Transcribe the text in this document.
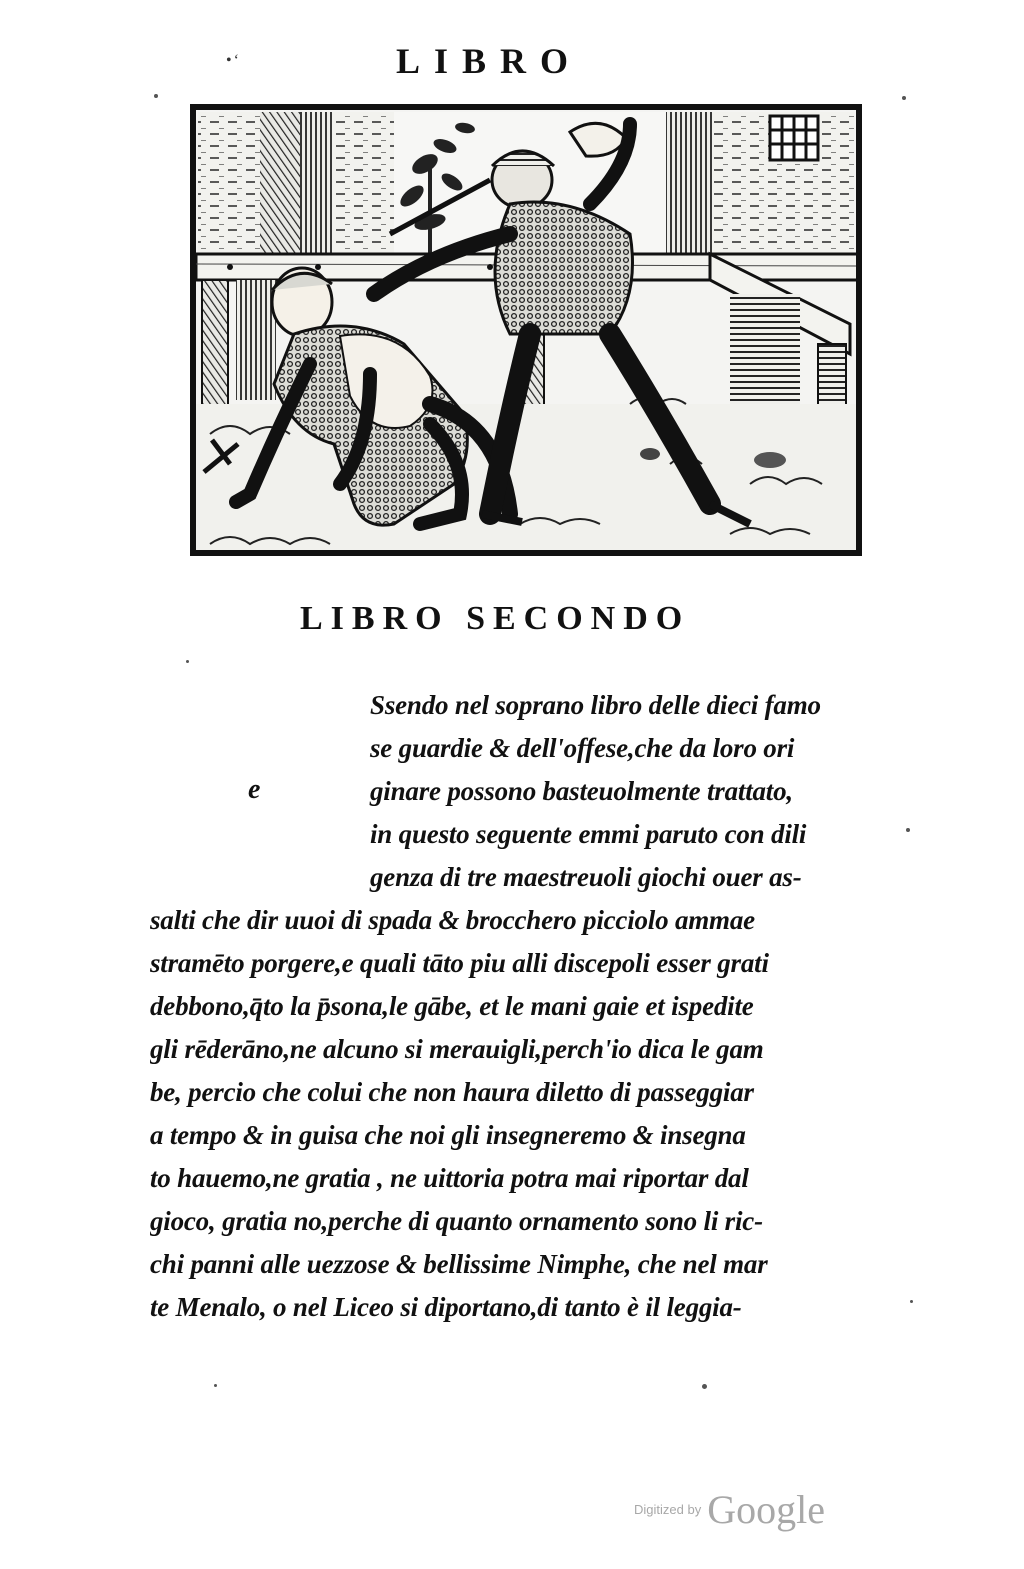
•‘	LIBRO
LIBRO SECONDO
e
Ssendo nel soprano libro delle dieci famo
se guardie & dell'offese,che da loro ori
ginare possono basteuolmente trattato,
in questo seguente emmi paruto con dili
genza di tre maestreuoli giochi ouer as-
salti che dir uuoi di spada & brocchero picciolo ammae
stramēto porgere,e quali tāto piu alli discepoli esser grati
debbono,q̄to la p̄sona,le gābe, et le mani gaie et ispedite
gli rēderāno,ne alcuno si merauigli,perch'io dica le gam
be, percio che colui che non haura diletto di passeggiar
a tempo & in guisa che noi gli insegneremo & insegna
to hauemo,ne gratia , ne uittoria potra mai riportar dal
gioco, gratia no,perche di quanto ornamento sono li ric-
chi panni alle uezzose & bellissime Nimphe, che nel mar
te Menalo, o nel Liceo si diportano,di tanto è il leggia-
Digitized by Google
